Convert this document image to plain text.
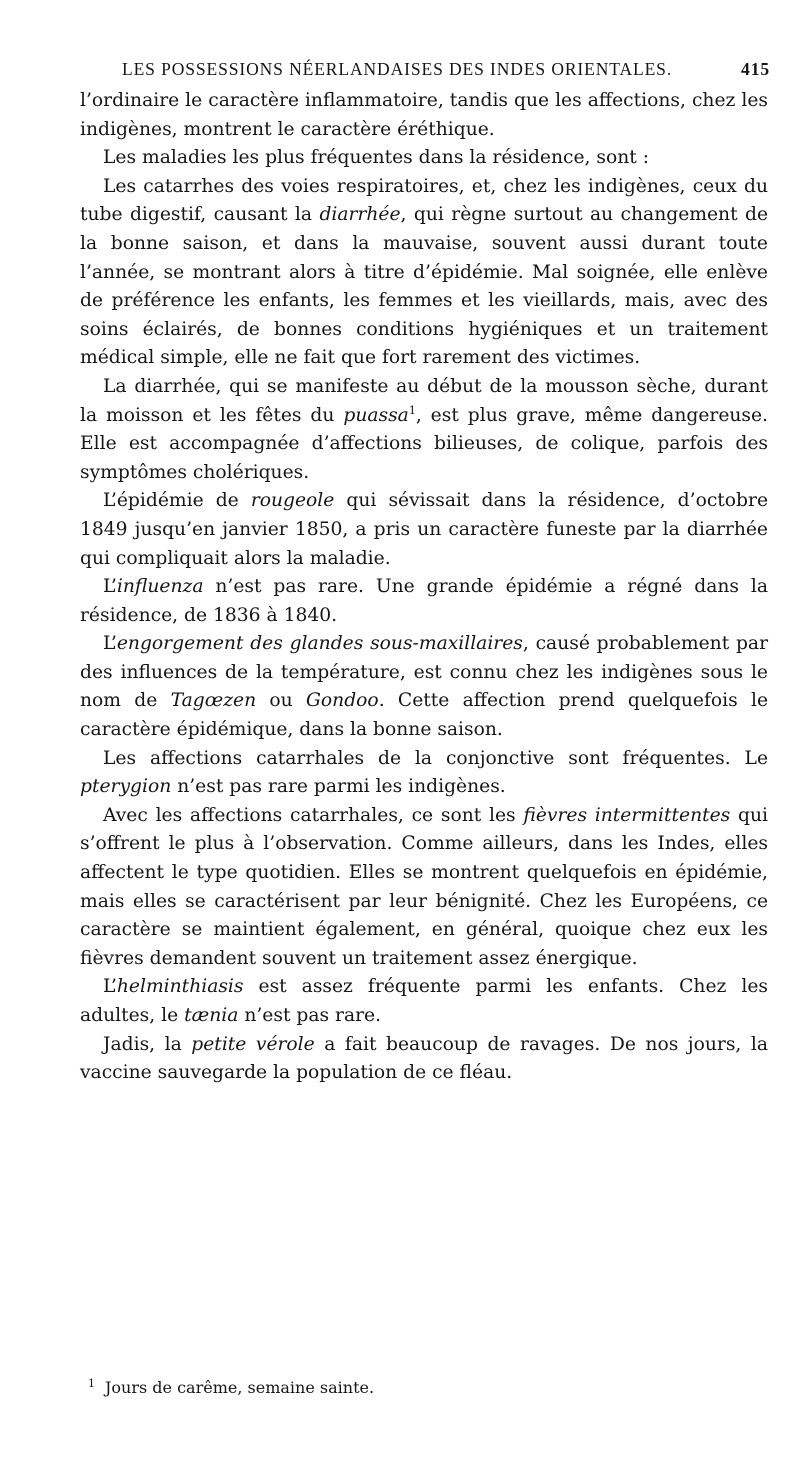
LES POSSESSIONS NÉERLANDAISES DES INDES ORIENTALES.	415

l’ordinaire le caractère inflammatoire, tandis que les affections, chez les indigènes, montrent le caractère éréthique.

Les maladies les plus fréquentes dans la résidence, sont :

Les catarrhes des voies respiratoires, et, chez les indigènes, ceux du tube digestif, causant la diarrhée, qui règne surtout au changement de la bonne saison, et dans la mauvaise, souvent aussi durant toute l’année, se montrant alors à titre d’épidémie. Mal soignée, elle enlève de préférence les enfants, les femmes et les vieillards, mais, avec des soins éclairés, de bonnes conditions hygiéniques et un traitement médical simple, elle ne fait que fort rarement des victimes.

La diarrhée, qui se manifeste au début de la mousson sèche, durant la moisson et les fêtes du puassa$^1$, est plus grave, même dangereuse. Elle est accompagnée d’affections bilieuses, de colique, parfois des symptômes cholériques.

L’épidémie de rougeole qui sévissait dans la résidence, d’octobre 1849 jusqu’en janvier 1850, a pris un caractère funeste par la diarrhée qui compliquait alors la maladie.

L’influenza n’est pas rare. Une grande épidémie a régné dans la résidence, de 1836 à 1840.

L’engorgement des glandes sous-maxillaires, causé probablement par des influences de la température, est connu chez les indigènes sous le nom de Tagœzen ou Gondoo. Cette affection prend quelquefois le caractère épidémique, dans la bonne saison.

Les affections catarrhales de la conjonctive sont fréquentes. Le pterygion n’est pas rare parmi les indigènes.

Avec les affections catarrhales, ce sont les fièvres intermittentes qui s’offrent le plus à l’observation. Comme ailleurs, dans les Indes, elles affectent le type quotidien. Elles se montrent quelquefois en épidémie, mais elles se caractérisent par leur bénignité. Chez les Européens, ce caractère se maintient également, en général, quoique chez eux les fièvres demandent souvent un traitement assez énergique.

L’helminthiasis est assez fréquente parmi les enfants. Chez les adultes, le tænia n’est pas rare.

Jadis, la petite vérole a fait beaucoup de ravages. De nos jours, la vaccine sauvegarde la population de ce fléau.

$^1$ Jours de carême, semaine sainte.
